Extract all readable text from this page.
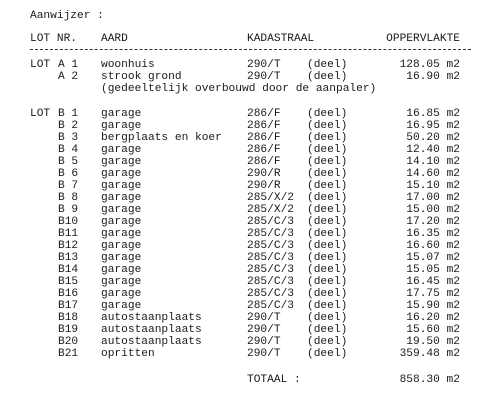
Aanwijzer :
LOT NR. AARD	KADASTRAAL	OPPERVLAKTE
LOT A 1 woonhuis	290/T (deel)	128.05 m2
A 2 strook grond	290/T (deel)	16.90 m2
(gedeeltelijk overbouwd door de aanpaler)
LOT B 1 garage	286/F (deel)	16.85 m2
B 2 garage	286/F (deel)	16.95 m2
B 3 bergplaats en koer 286/F (deel)	50.20 m2
B 4 garage	286/F (deel)	12.40 m2
B 5 garage	286/F (deel)	14.10 m2
B 6 garage	290/R (deel)	14.60 m2
B 7 garage	290/R (deel)	15.10 m2
B 8 garage	285/X/2 (deel)	17.00 m2
B 9 garage	285/X/2 (deel)	15.00 m2
B10 garage	285/C/3 (deel)	17.20 m2
B11 garage	285/C/3 (deel)	16.35 m2
B12 garage	285/C/3 (deel)	16.60 m2
B13 garage	285/C/3 (deel)	15.07 m2
B14 garage	285/C/3 (deel)	15.05 m2
B15 garage	285/C/3 (deel)	16.45 m2
B16 garage	285/C/3 (deel)	17.75 m2
B17 garage	285/C/3 (deel)	15.90 m2
B18 autostaanplaats	290/T (deel)	16.20 m2
B19 autostaanplaats	290/T (deel)	15.60 m2
B20 autostaanplaats	290/T (deel)	19.50 m2
B21 opritten	290/T (deel)	359.48 m2
TOTAAL :	858.30 m2
